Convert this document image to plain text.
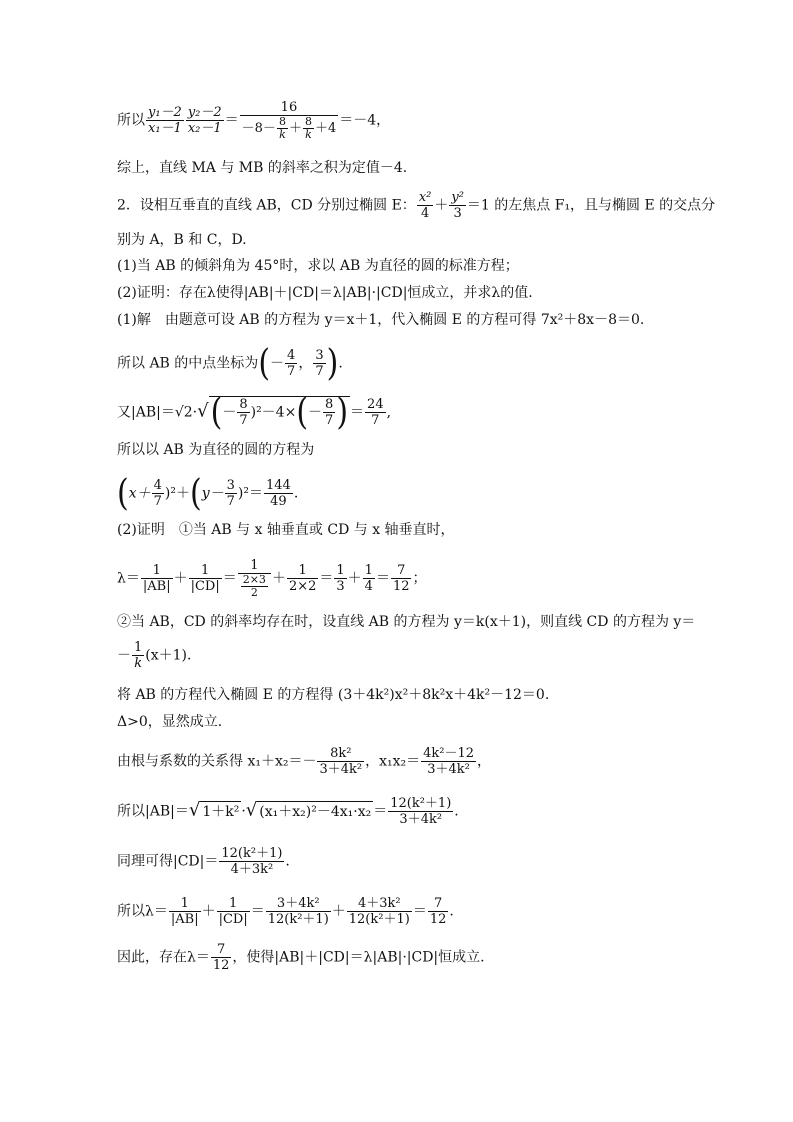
所以 $\frac{\text{y₁－2}}{\text{x₁－1}} \frac{\text{y₂－2}}{\text{x₂－1}} = \frac{16}{-8- \frac{8}{k} + \frac{8}{k} +4} =-4$，
综上，直线 MA 与 MB 的斜率之积为定值－4.
2．设相互垂直的直线 AB，CD 分别过椭圆 E： $\frac{\text{x²}}{4} + \frac{\text{y²}}{3} =1$ 的左焦点 F₁，且与椭圆 E 的交点分
别为 A，B 和 C，D.
(1)当 AB 的倾斜角为 45°时，求以 AB 为直径的圆的标准方程；
(2)证明：存在λ使得|AB|＋|CD|＝λ|AB|·|CD|恒成立，并求λ的值.
(1)解　由题意可设 AB 的方程为 y＝x＋1，代入椭圆 E 的方程可得 7x²＋8x－8＝0.
所以 AB 的中点坐标为(－ $\frac{4}{7}$ ， $\frac{3}{7}$ ).
又$|AB|=√2\cdot√(- \frac{8}{7} )^2-4\times(- \frac{8}{7}$ ) ＝ $\frac{24}{7}$ ,
所以以 AB 为直径的圆的方程为
$(x+ \frac{4}{7} )^2+(y- \frac{3}{7} )^2= \frac{144}{49}$ .
(2)证明　①当 AB 与 x 轴垂直或 CD 与 x 轴垂直时，
$\lambda= \frac{1}{|AB|} + \frac{1}{|CD|} = \frac{1}{\frac{2\times 3}{2}} + \frac{1}{2\times 2} = \frac{1}{3} + \frac{1}{4} = \frac{7}{12}$ ；
②当 AB，CD 的斜率均存在时，设直线 AB 的方程为 y＝k(x＋1)，则直线 CD 的方程为 y＝
－ $\frac{1}{k} (x+1)$.
将 AB 的方程代入椭圆 E 的方程得 (3＋4k²)x²＋8k²x＋4k²－12＝0.
Δ>0，显然成立.
由根与系数的关系得 $x_1+x_2=- \frac{\text{8k²}}{\text{3＋4k²}}$ ，$x_1x_2= \frac{\text{4k²－12}}{\text{3＋4k²}}$ ，
所以|AB|＝√ 1＋k² ·√ $(x_1+x_2)^2-4x_1\cdot x_2 = \frac{\text{12(k²＋1)}}{\text{3＋4k²}}$ .
同理可得$|CD|= \frac{\text{12(k²＋1)}}{\text{4＋3k²}}$ .
所以$\lambda= \frac{1}{|AB|} + \frac{1}{|CD|} = \frac{\text{3＋4k²}}{\text{12(k²＋1)}} + \frac{\text{4＋3k²}}{\text{12(k²＋1)}} = \frac{7}{12}$ .
因此，存在$\lambda= \frac{7}{12}$ ，使得|AB|＋|CD|＝λ|AB|·|CD|恒成立.
